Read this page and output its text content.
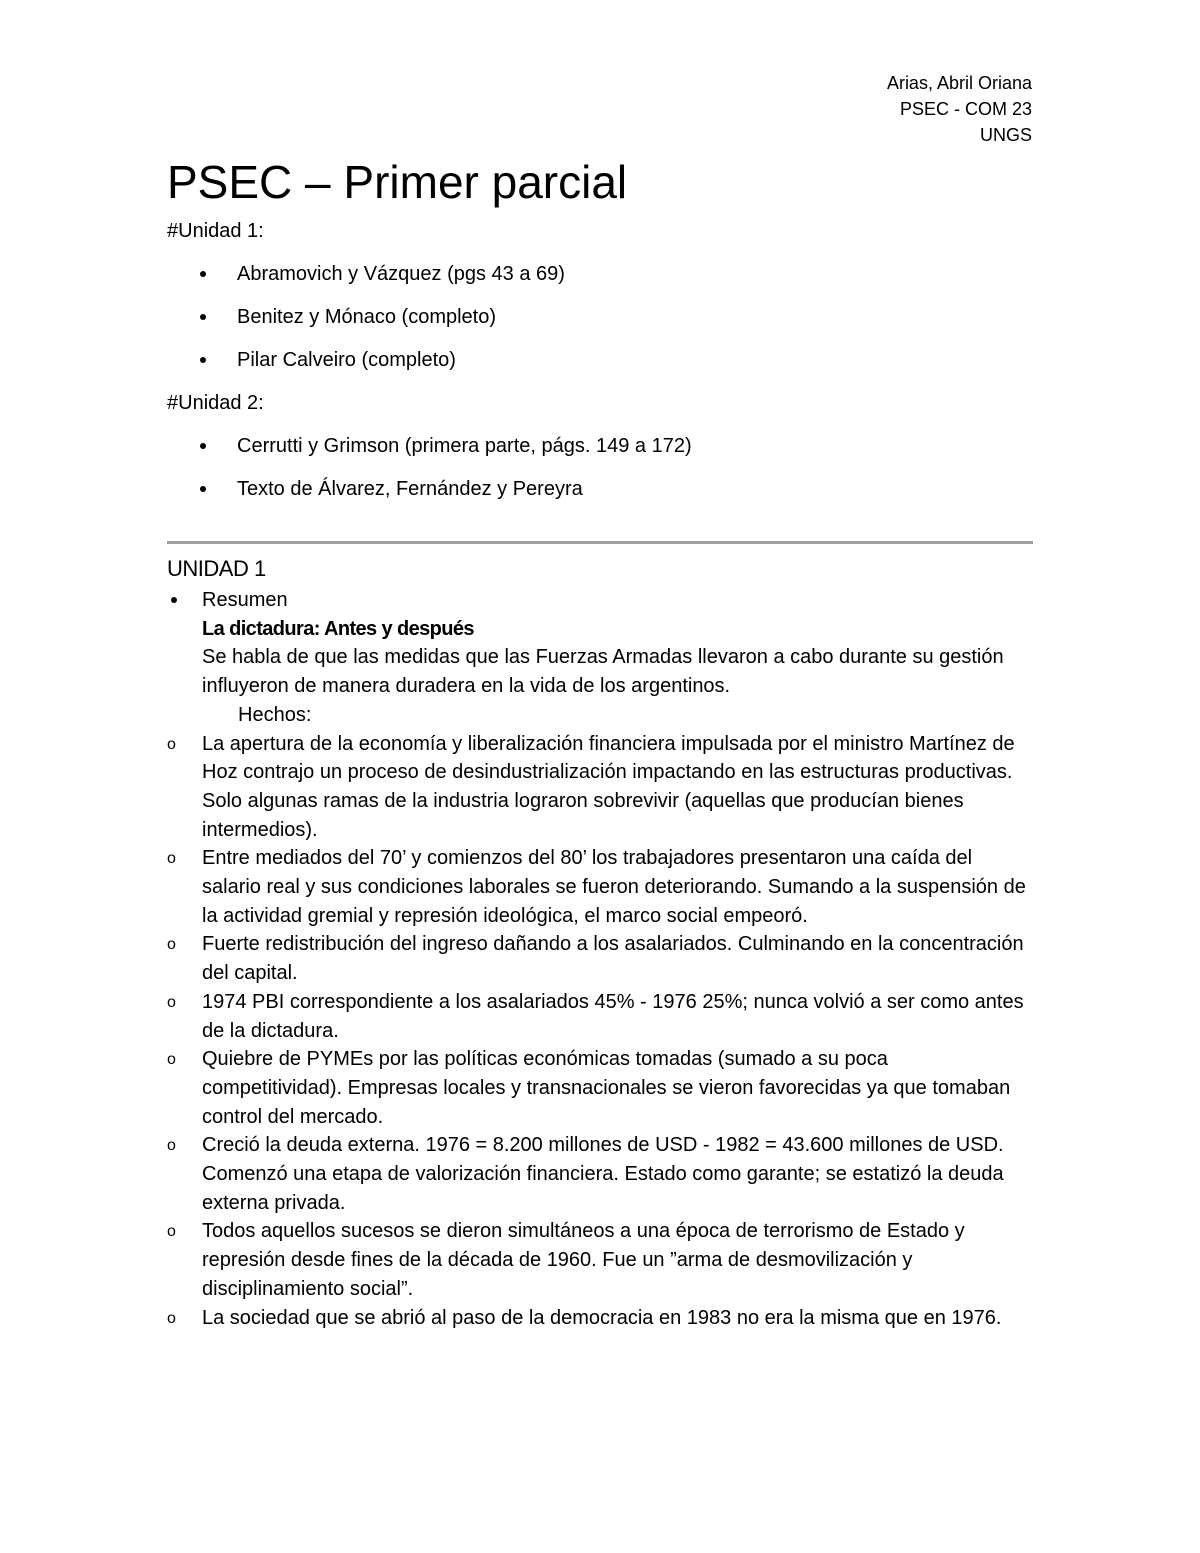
Arias, Abril Oriana
PSEC - COM 23
UNGS
PSEC – Primer parcial

#Unidad 1:

Abramovich y Vázquez (pgs 43 a 69)
Benitez y Mónaco (completo)
Pilar Calveiro (completo)

#Unidad 2:

Cerrutti y Grimson (primera parte, págs. 149 a 172)
Texto de Álvarez, Fernández y Pereyra
UNIDAD 1
Resumen
La dictadura: Antes y después
Se habla de que las medidas que las Fuerzas Armadas llevaron a cabo durante su gestión influyeron de manera duradera en la vida de los argentinos.
Hechos:
o La apertura de la economía y liberalización financiera impulsada por el ministro Martínez de Hoz contrajo un proceso de desindustrialización impactando en las estructuras productivas. Solo algunas ramas de la industria lograron sobrevivir (aquellas que producían bienes intermedios).
o Entre mediados del 70’ y comienzos del 80’ los trabajadores presentaron una caída del salario real y sus condiciones laborales se fueron deteriorando. Sumando a la suspensión de la actividad gremial y represión ideológica, el marco social empeoró.
o Fuerte redistribución del ingreso dañando a los asalariados. Culminando en la concentración del capital.
o 1974 PBI correspondiente a los asalariados 45% - 1976 25%; nunca volvió a ser como antes de la dictadura.
o Quiebre de PYMEs por las políticas económicas tomadas (sumado a su poca competitividad). Empresas locales y transnacionales se vieron favorecidas ya que tomaban control del mercado.
o Creció la deuda externa. 1976 = 8.200 millones de USD - 1982 = 43.600 millones de USD. Comenzó una etapa de valorización financiera. Estado como garante; se estatizó la deuda externa privada.
o Todos aquellos sucesos se dieron simultáneos a una época de terrorismo de Estado y represión desde fines de la década de 1960. Fue un ”arma de desmovilización y disciplinamiento social”.
o La sociedad que se abrió al paso de la democracia en 1983 no era la misma que en 1976.
